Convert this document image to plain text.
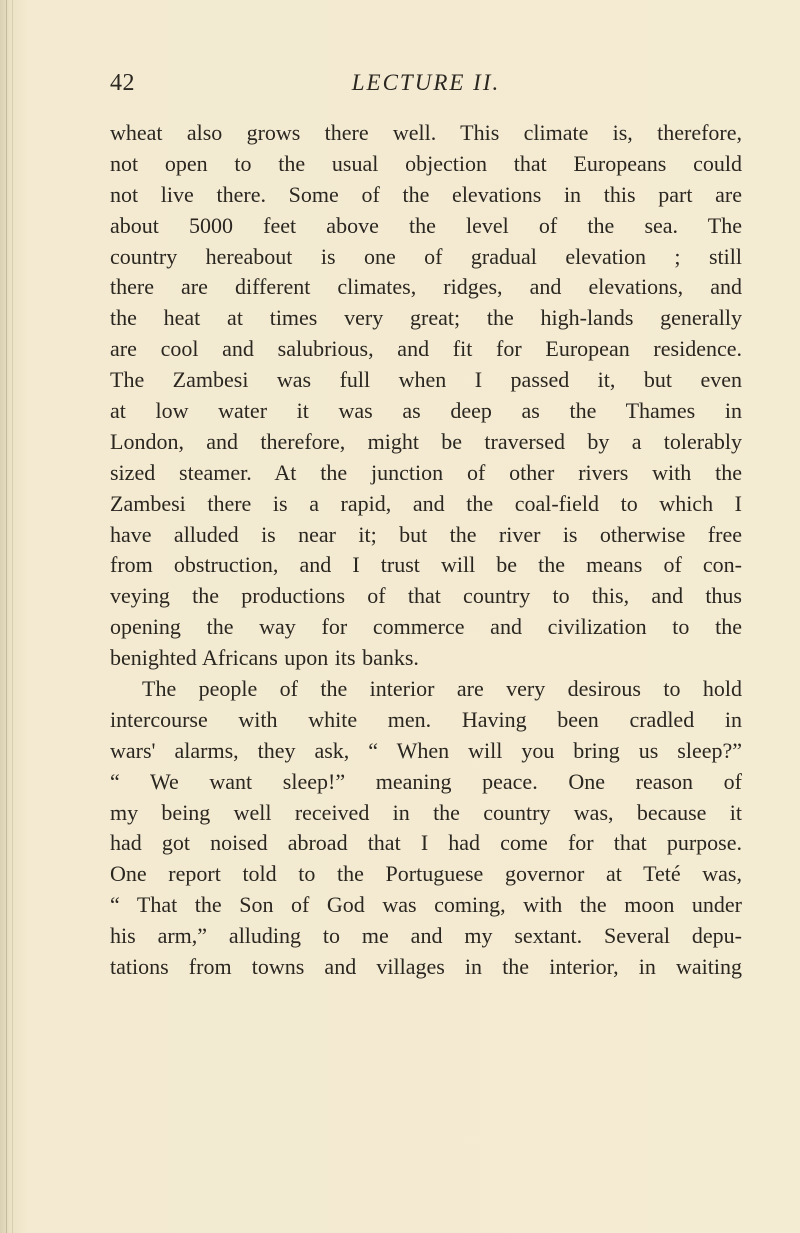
42	LECTURE II.
wheat also grows there well. This climate is, therefore,
not open to the usual objection that Europeans could
not live there. Some of the elevations in this part are
about 5000 feet above the level of the sea. The
country hereabout is one of gradual elevation ; still
there are different climates, ridges, and elevations, and
the heat at times very great; the high-lands generally
are cool and salubrious, and fit for European residence.
The Zambesi was full when I passed it, but even
at low water it was as deep as the Thames in
London, and therefore, might be traversed by a tolerably
sized steamer. At the junction of other rivers with the
Zambesi there is a rapid, and the coal-field to which I
have alluded is near it; but the river is otherwise free
from obstruction, and I trust will be the means of con-
veying the productions of that country to this, and thus
opening the way for commerce and civilization to the
benighted Africans upon its banks.
The people of the interior are very desirous to hold
intercourse with white men. Having been cradled in
wars' alarms, they ask, “ When will you bring us sleep?”
“ We want sleep!” meaning peace. One reason of
my being well received in the country was, because it
had got noised abroad that I had come for that purpose.
One report told to the Portuguese governor at Teté was,
“ That the Son of God was coming, with the moon under
his arm,” alluding to me and my sextant. Several depu-
tations from towns and villages in the interior, in waiting
